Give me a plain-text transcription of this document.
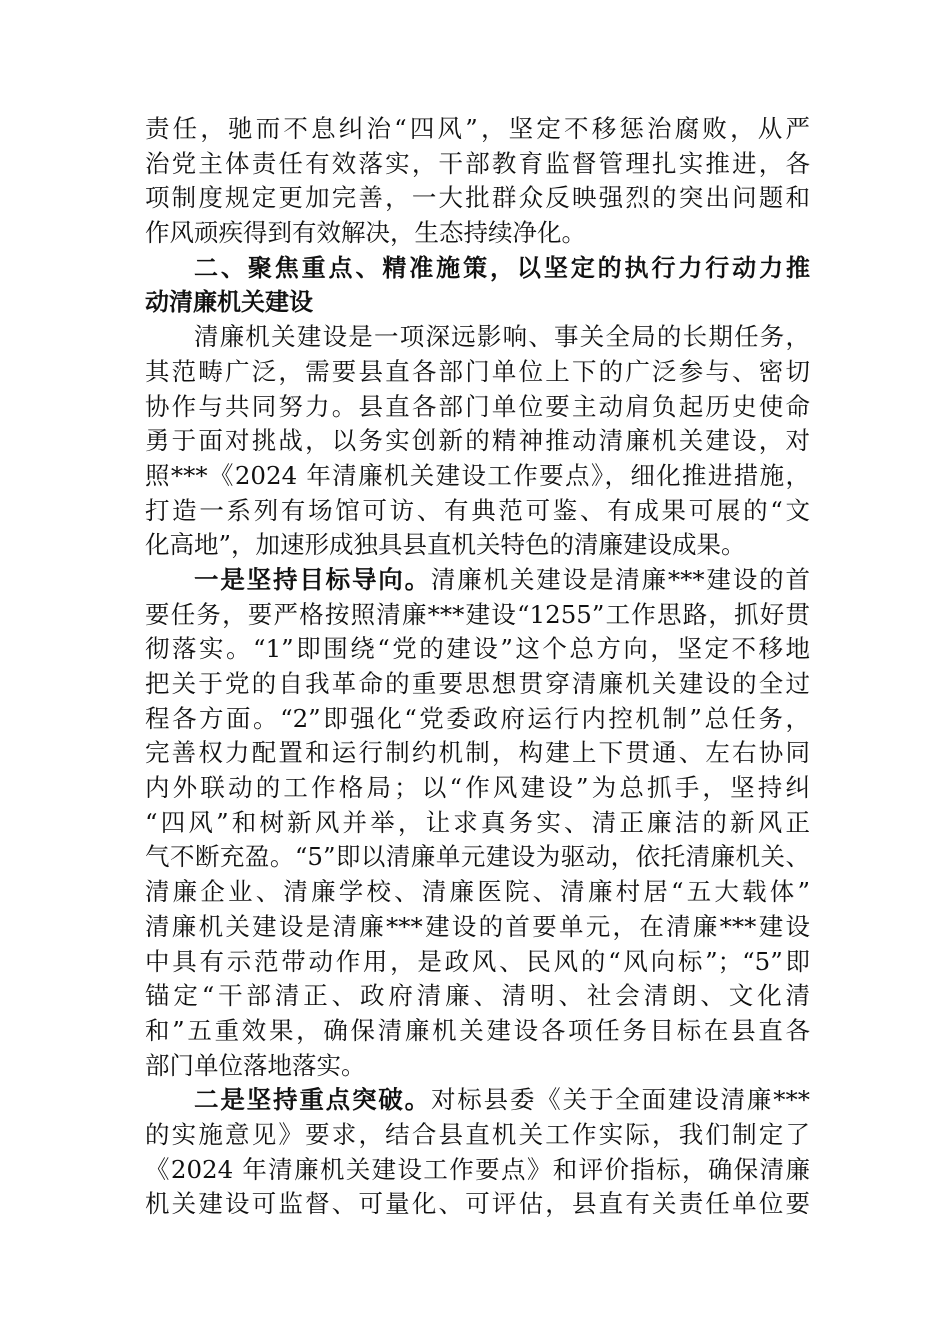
责任，驰而不息纠治“四风”，坚定不移惩治腐败，从严
治党主体责任有效落实，干部教育监督管理扎实推进，各
项制度规定更加完善，一大批群众反映强烈的突出问题和
作风顽疾得到有效解决，生态持续净化。
二、聚焦重点、精准施策，以坚定的执行力行动力推
动清廉机关建设
清廉机关建设是一项深远影响、事关全局的长期任务，
其范畴广泛，需要县直各部门单位上下的广泛参与、密切
协作与共同努力。县直各部门单位要主动肩负起历史使命
勇于面对挑战，以务实创新的精神推动清廉机关建设，对
照***《2024 年清廉机关建设工作要点》，细化推进措施，
打造一系列有场馆可访、有典范可鉴、有成果可展的“文
化高地”，加速形成独具县直机关特色的清廉建设成果。
一是坚持目标导向。清廉机关建设是清廉***建设的首
要任务，要严格按照清廉***建设“1255”工作思路，抓好贯
彻落实。“1”即围绕“党的建设”这个总方向，坚定不移地
把关于党的自我革命的重要思想贯穿清廉机关建设的全过
程各方面。“2”即强化“党委政府运行内控机制”总任务，
完善权力配置和运行制约机制，构建上下贯通、左右协同
内外联动的工作格局；以“作风建设”为总抓手，坚持纠
“四风”和树新风并举，让求真务实、清正廉洁的新风正
气不断充盈。“5”即以清廉单元建设为驱动，依托清廉机关、
清廉企业、清廉学校、清廉医院、清廉村居“五大载体”
清廉机关建设是清廉***建设的首要单元，在清廉***建设
中具有示范带动作用，是政风、民风的“风向标”；“5”即
锚定“干部清正、政府清廉、清明、社会清朗、文化清
和”五重效果，确保清廉机关建设各项任务目标在县直各
部门单位落地落实。
二是坚持重点突破。对标县委《关于全面建设清廉***
的实施意见》要求，结合县直机关工作实际，我们制定了
《2024 年清廉机关建设工作要点》和评价指标，确保清廉
机关建设可监督、可量化、可评估，县直有关责任单位要
